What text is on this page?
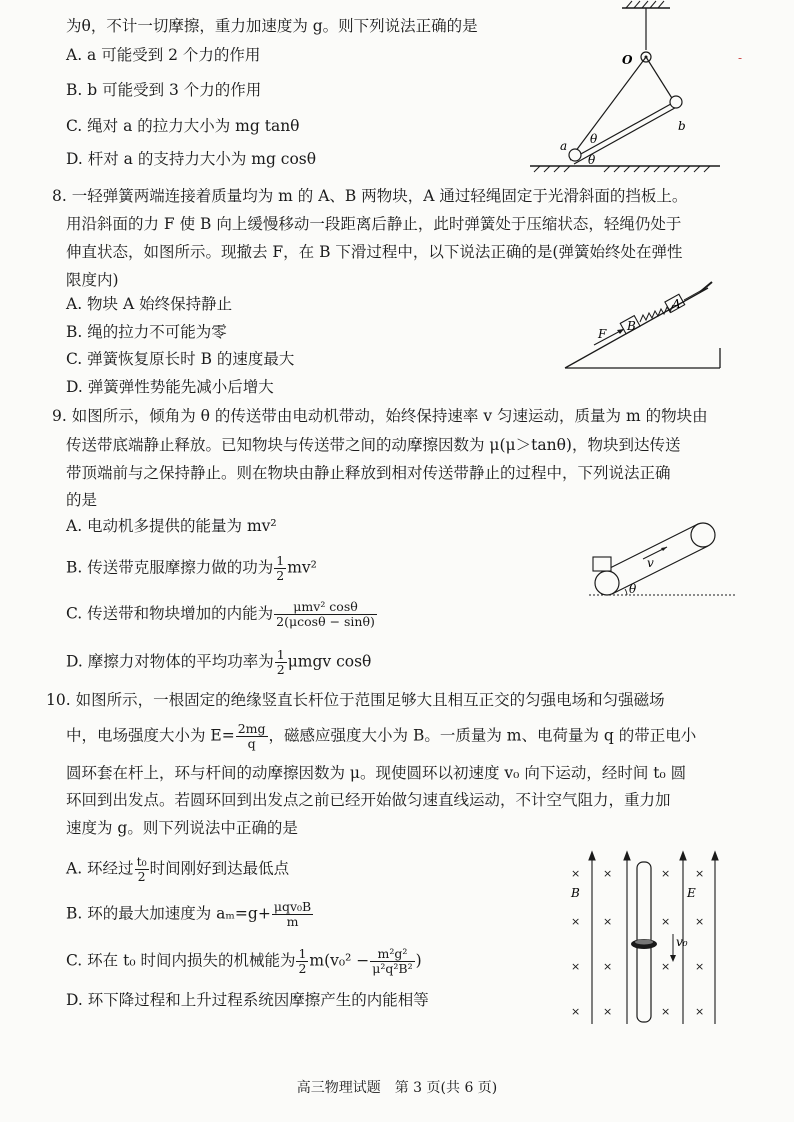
为θ，不计一切摩擦，重力加速度为 g。则下列说法正确的是
A. a 可能受到 2 个力的作用
B. b 可能受到 3 个力的作用
C. 绳对 a 的拉力大小为 mg tanθ
D. 杆对 a 的支持力大小为 mg cosθ
O
a
b
θ
θ
-
8. 一轻弹簧两端连接着质量均为 m 的 A、B 两物块，A 通过轻绳固定于光滑斜面的挡板上。
用沿斜面的力 F 使 B 向上缓慢移动一段距离后静止，此时弹簧处于压缩状态，轻绳仍处于
伸直状态，如图所示。现撤去 F，在 B 下滑过程中，以下说法正确的是(弹簧始终处在弹性
限度内)
A. 物块 A 始终保持静止
B. 绳的拉力不可能为零
C. 弹簧恢复原长时 B 的速度最大
D. 弹簧弹性势能先减小后增大
F
A
B
9. 如图所示，倾角为 θ 的传送带由电动机带动，始终保持速率 v 匀速运动，质量为 m 的物块由
传送带底端静止释放。已知物块与传送带之间的动摩擦因数为 μ(μ＞tanθ)，物块到达传送
带顶端前与之保持静止。则在物块由静止释放到相对传送带静止的过程中，下列说法正确
的是
A. 电动机多提供的能量为 mv²
B. 传送带克服摩擦力做的功为 $\frac{1}{2} mv^2$
C. 传送带和物块增加的内能为 $\frac{\text{μmv² cosθ}}{2(\mu\cos\theta - \sin\theta)}$
D. 摩擦力对物体的平均功率为 $\frac{1}{2}$ μmgv cosθ
v
θ
10. 如图所示，一根固定的绝缘竖直长杆位于范围足够大且相互正交的匀强电场和匀强磁场
中，电场强度大小为 $E= \frac{2mg}{q}$ ，磁感应强度大小为 B。一质量为 m、电荷量为 q 的带正电小
圆环套在杆上，环与杆间的动摩擦因数为 μ。现使圆环以初速度 v₀ 向下运动，经时间 t₀ 圆
环回到出发点。若圆环回到出发点之前已经开始做匀速直线运动，不计空气阻力，重力加
速度为 g。则下列说法中正确的是
A. 环经过 $\frac{\text{t₀}}{2}$ 时间刚好到达最低点
B. 环的最大加速度为 $a_m=g+ \frac{\text{μqv₀B}}{m}$
C. 环在 t₀ 时间内损失的机械能为 $\frac{1}{2} m(v_0^2 - \frac{\text{m²g²}}{\text{μ²q²B²}}$ )
D. 环下降过程和上升过程系统因摩擦产生的内能相等
×
×
×
×
×
×
×
×
×
×
×
×
×
×
×
×
v₀
B	E
高三物理试题　第 3 页(共 6 页)
